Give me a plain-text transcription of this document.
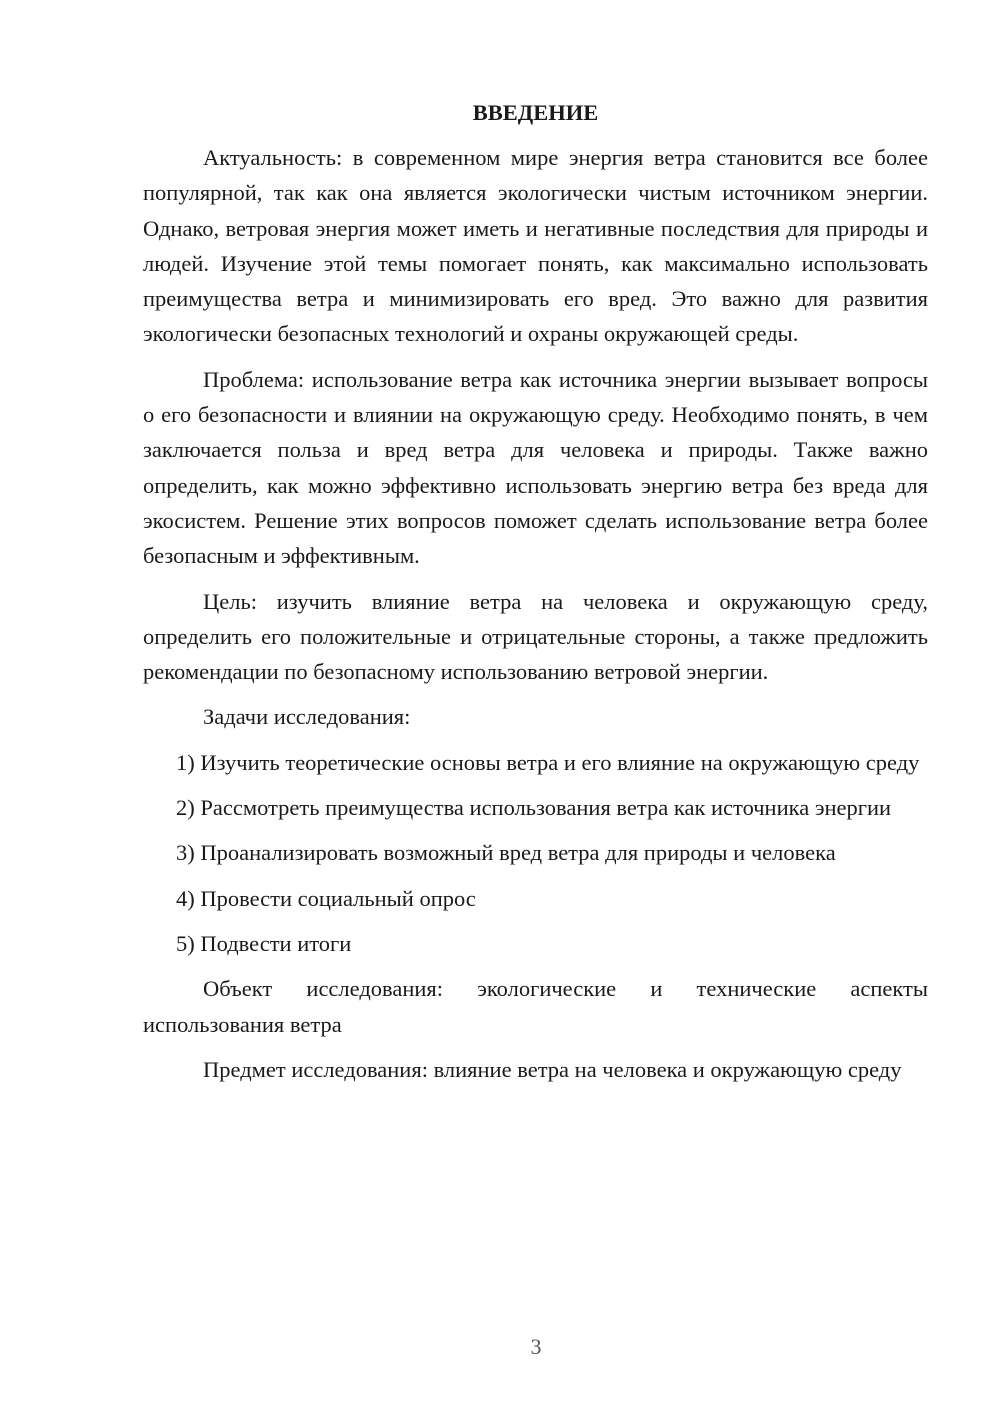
ВВЕДЕНИЕ

Актуальность: в современном мире энергия ветра становится все более популярной, так как она является экологически чистым источником энергии. Однако, ветровая энергия может иметь и негативные последствия для природы и людей. Изучение этой темы помогает понять, как максимально использовать преимущества ветра и минимизировать его вред. Это важно для развития экологически безопасных технологий и охраны окружающей среды.

Проблема: использование ветра как источника энергии вызывает вопросы о его безопасности и влиянии на окружающую среду. Необходимо понять, в чем заключается польза и вред ветра для человека и природы. Также важно определить, как можно эффективно использовать энергию ветра без вреда для экосистем. Решение этих вопросов поможет сделать использование ветра более безопасным и эффективным.

Цель: изучить влияние ветра на человека и окружающую среду, определить его положительные и отрицательные стороны, а также предложить рекомендации по безопасному использованию ветровой энергии.

Задачи исследования:

1) Изучить теоретические основы ветра и его влияние на окружающую среду
2) Рассмотреть преимущества использования ветра как источника энергии
3) Проанализировать возможный вред ветра для природы и человека
4) Провести социальный опрос
5) Подвести итоги

Объект исследования: экологические и технические аспекты использования ветра

Предмет исследования: влияние ветра на человека и окружающую среду

3
